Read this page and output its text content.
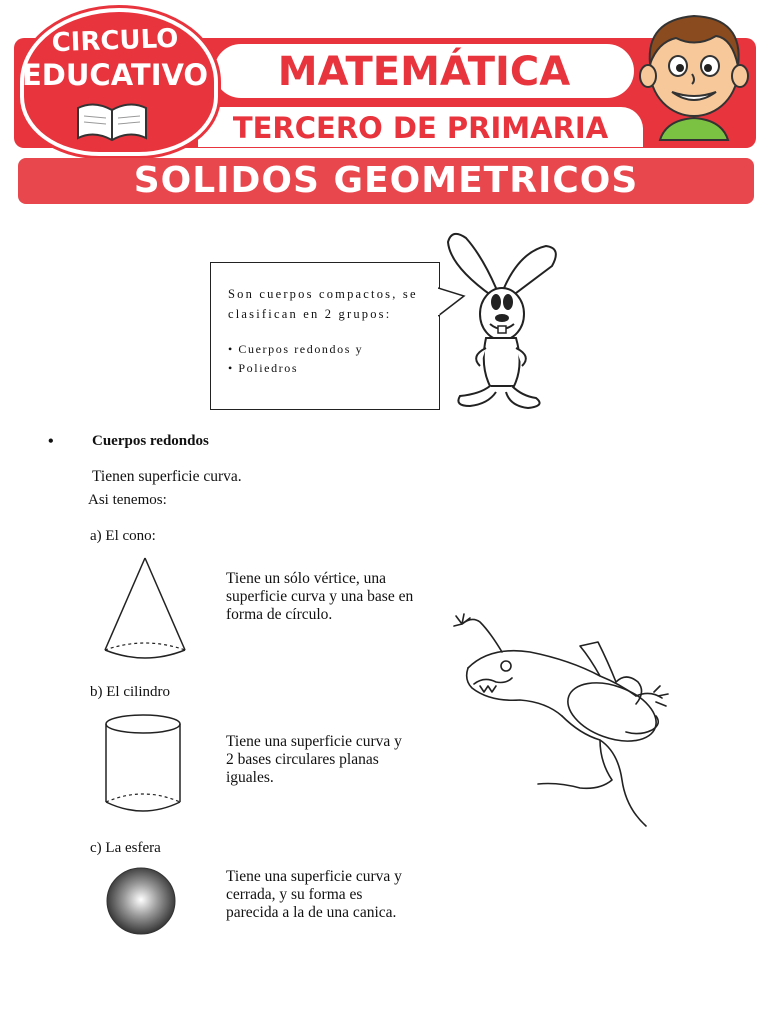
MATEMÁTICA
TERCERO DE PRIMARIA
CIRCULO
EDUCATIVO
SOLIDOS GEOMETRICOS
Son cuerpos compactos, se clasifican en 2 grupos:
• Cuerpos redondos y
• Poliedros
•	Cuerpos redondos
Tienen superficie curva.
Asi tenemos:
a) El cono:
Tiene un sólo vértice, una superficie curva y una base en forma de círculo.
b) El cilindro
Tiene una superficie curva y 2 bases circulares planas iguales.
c) La esfera
Tiene una superficie curva y cerrada, y su forma es parecida a la de una canica.
